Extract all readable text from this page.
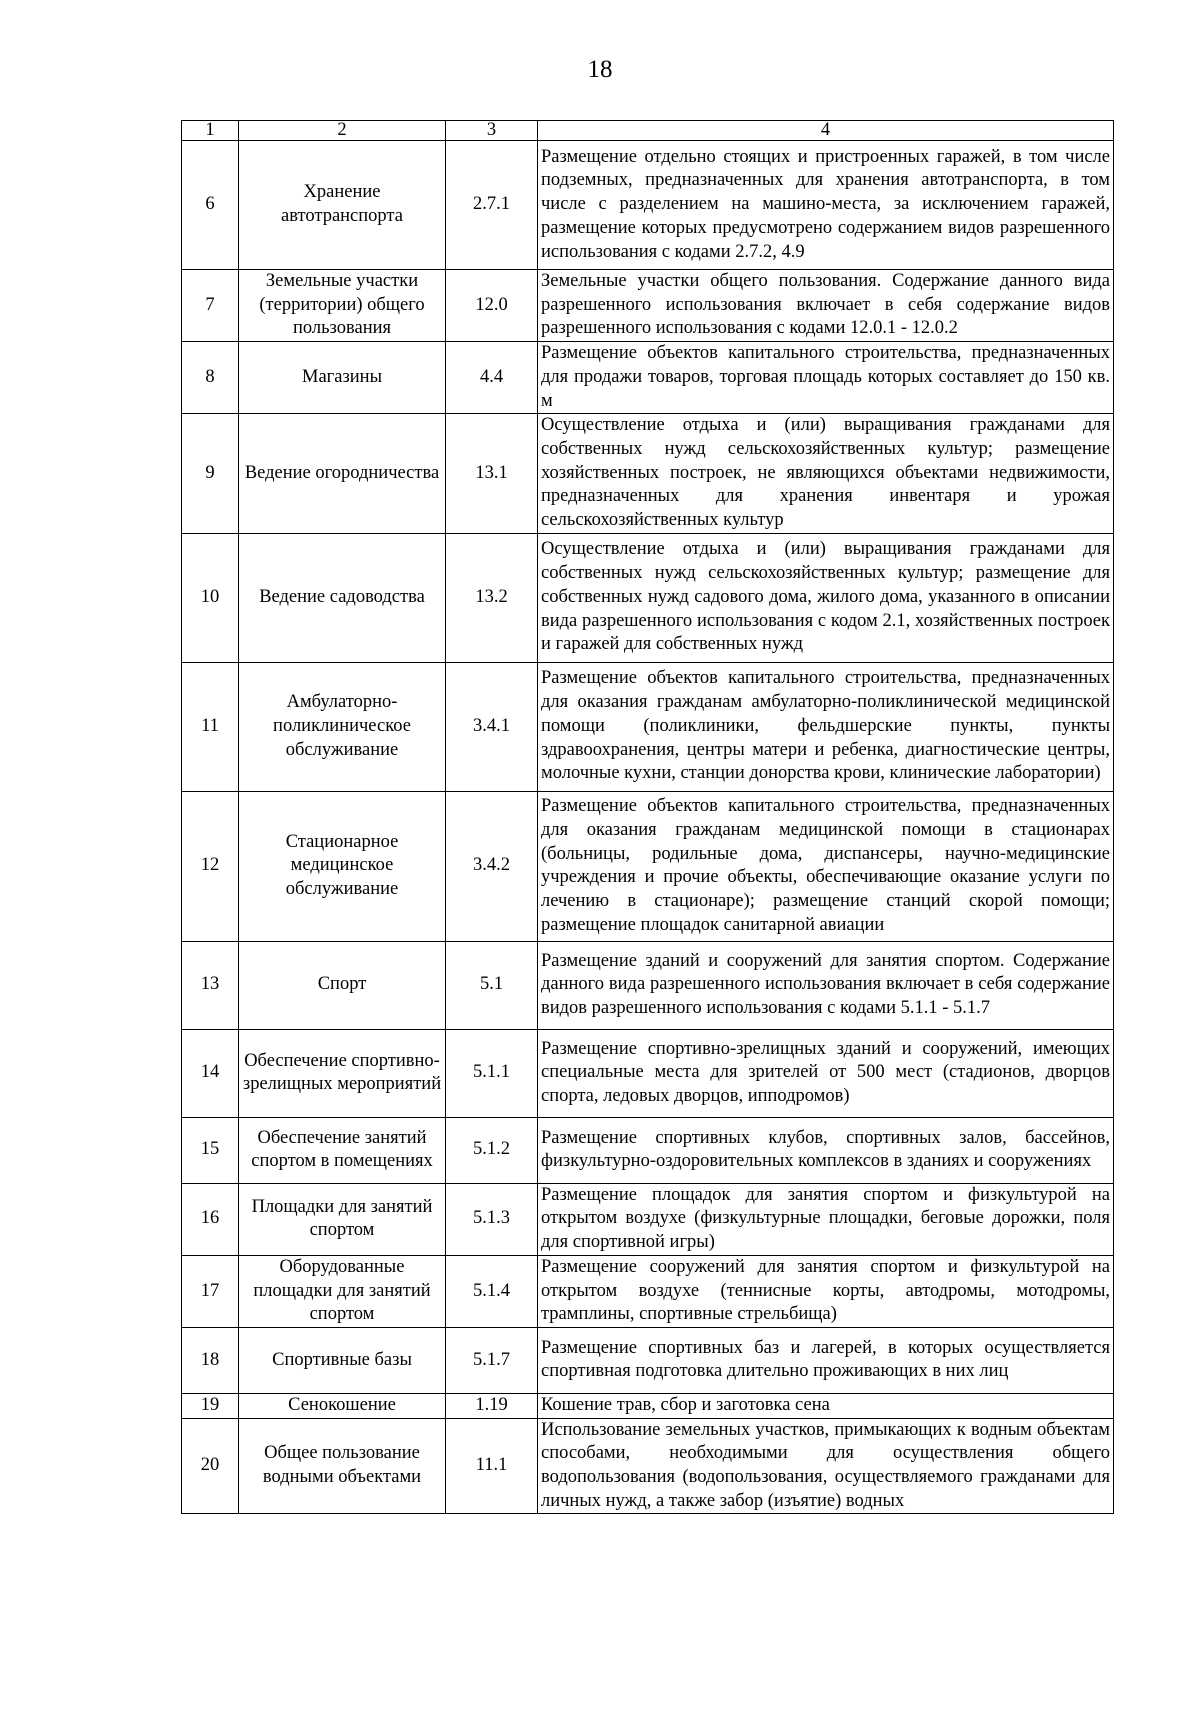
18
1	2	3	4
6	Хранение автотранспорта	2.7.1	Размещение отдельно стоящих и пристроенных гаражей, в том числе подземных, предназначенных для хранения автотранспорта, в том числе с разделением на машино-места, за исключением гаражей, размещение которых предусмотрено содержанием видов разрешенного использования с кодами 2.7.2, 4.9
7	Земельные участки (территории) общего пользования	12.0	Земельные участки общего пользования. Содержание данного вида разрешенного использования включает в себя содержание видов разрешенного использования с кодами 12.0.1 - 12.0.2
8	Магазины	4.4	Размещение объектов капитального строительства, предназначенных для продажи товаров, торговая площадь которых составляет до 150 кв. м
9	Ведение огородничества	13.1	Осуществление отдыха и (или) выращивания гражданами для собственных нужд сельскохозяйственных культур; размещение хозяйственных построек, не являющихся объектами недвижимости, предназначенных для хранения инвентаря и урожая сельскохозяйственных культур
10	Ведение садоводства	13.2	Осуществление отдыха и (или) выращивания гражданами для собственных нужд сельскохозяйственных культур; размещение для собственных нужд садового дома, жилого дома, указанного в описании вида разрешенного использования с кодом 2.1, хозяйственных построек и гаражей для собственных нужд
11	Амбулаторно-поликлиническое обслуживание	3.4.1	Размещение объектов капитального строительства, предназначенных для оказания гражданам амбулаторно-поликлинической медицинской помощи (поликлиники, фельдшерские пункты, пункты здравоохранения, центры матери и ребенка, диагностические центры, молочные кухни, станции донорства крови, клинические лаборатории)
12	Стационарное медицинское обслуживание	3.4.2	Размещение объектов капитального строительства, предназначенных для оказания гражданам медицинской помощи в стационарах (больницы, родильные дома, диспансеры, научно-медицинские учреждения и прочие объекты, обеспечивающие оказание услуги по лечению в стационаре); размещение станций скорой помощи; размещение площадок санитарной авиации
13	Спорт	5.1	Размещение зданий и сооружений для занятия спортом. Содержание данного вида разрешенного использования включает в себя содержание видов разрешенного использования с кодами 5.1.1 - 5.1.7
14	Обеспечение спортивно-зрелищных мероприятий	5.1.1	Размещение спортивно-зрелищных зданий и сооружений, имеющих специальные места для зрителей от 500 мест (стадионов, дворцов спорта, ледовых дворцов, ипподромов)
15	Обеспечение занятий спортом в помещениях	5.1.2	Размещение спортивных клубов, спортивных залов, бассейнов, физкультурно-оздоровительных комплексов в зданиях и сооружениях
16	Площадки для занятий спортом	5.1.3	Размещение площадок для занятия спортом и физкультурой на открытом воздухе (физкультурные площадки, беговые дорожки, поля для спортивной игры)
17	Оборудованные площадки для занятий спортом	5.1.4	Размещение сооружений для занятия спортом и физкультурой на открытом воздухе (теннисные корты, автодромы, мотодромы, трамплины, спортивные стрельбища)
18	Спортивные базы	5.1.7	Размещение спортивных баз и лагерей, в которых осуществляется спортивная подготовка длительно проживающих в них лиц
19	Сенокошение	1.19	Кошение трав, сбор и заготовка сена
20	Общее пользование водными объектами	11.1	Использование земельных участков, примыкающих к водным объектам способами, необходимыми для осуществления общего водопользования (водопользования, осуществляемого гражданами для личных нужд, а также забор (изъятие) водных
